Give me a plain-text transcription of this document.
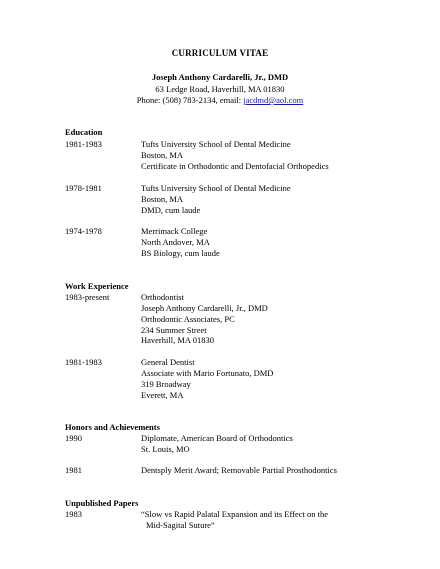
CURRICULUM VITAE
Joseph Anthony Cardarelli, Jr., DMD
63 Ledge Road, Haverhill, MA 01830
Phone: (508) 783-2134, email: jacdmd@aol.com
Education
1981-1983	Tufts University School of Dental Medicine
Boston, MA
Certificate in Orthodontic and Dentofacial Orthopedics
1978-1981	Tufts University School of Dental Medicine
Boston, MA
DMD, cum laude
1974-1978	Merrimack College
North Andover, MA
BS Biology, cum laude
Work Experience
1983-present	Orthodontist
Joseph Anthony Cardarelli, Jr., DMD
Orthodontic Associates, PC
234 Summer Street
Haverhill, MA 01830
1981-1983	General Dentist
Associate with Mario Fortunato, DMD
319 Broadway
Everett, MA
Honors and Achievements
1990	Diplomate, American Board of Orthodontics
St. Louis, MO
1981	Dentsply Merit Award; Removable Partial Prosthodontics
Unpublished Papers
1983	“Slow vs Rapid Palatal Expansion and its Effect on the
Mid-Sagital Suture”
